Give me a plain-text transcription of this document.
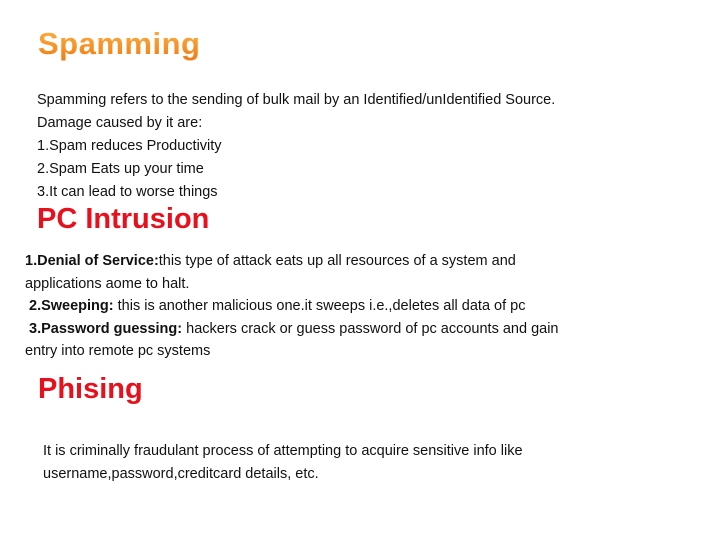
Spamming
Spamming refers to the sending of bulk mail by an Identified/unIdentified Source.
Damage caused by it are:
1.Spam reduces Productivity
2.Spam Eats up your time
3.It can lead to worse things
PC Intrusion
1.Denial of Service:this type of attack eats up all resources of a system and
applications aome to halt.
2.Sweeping: this is another malicious one.it sweeps i.e.,deletes all data of pc
3.Password guessing: hackers crack or guess password of pc accounts and gain
entry into remote pc systems
Phising
It is criminally fraudulant process of attempting to acquire sensitive info like
username,password,creditcard details, etc.
